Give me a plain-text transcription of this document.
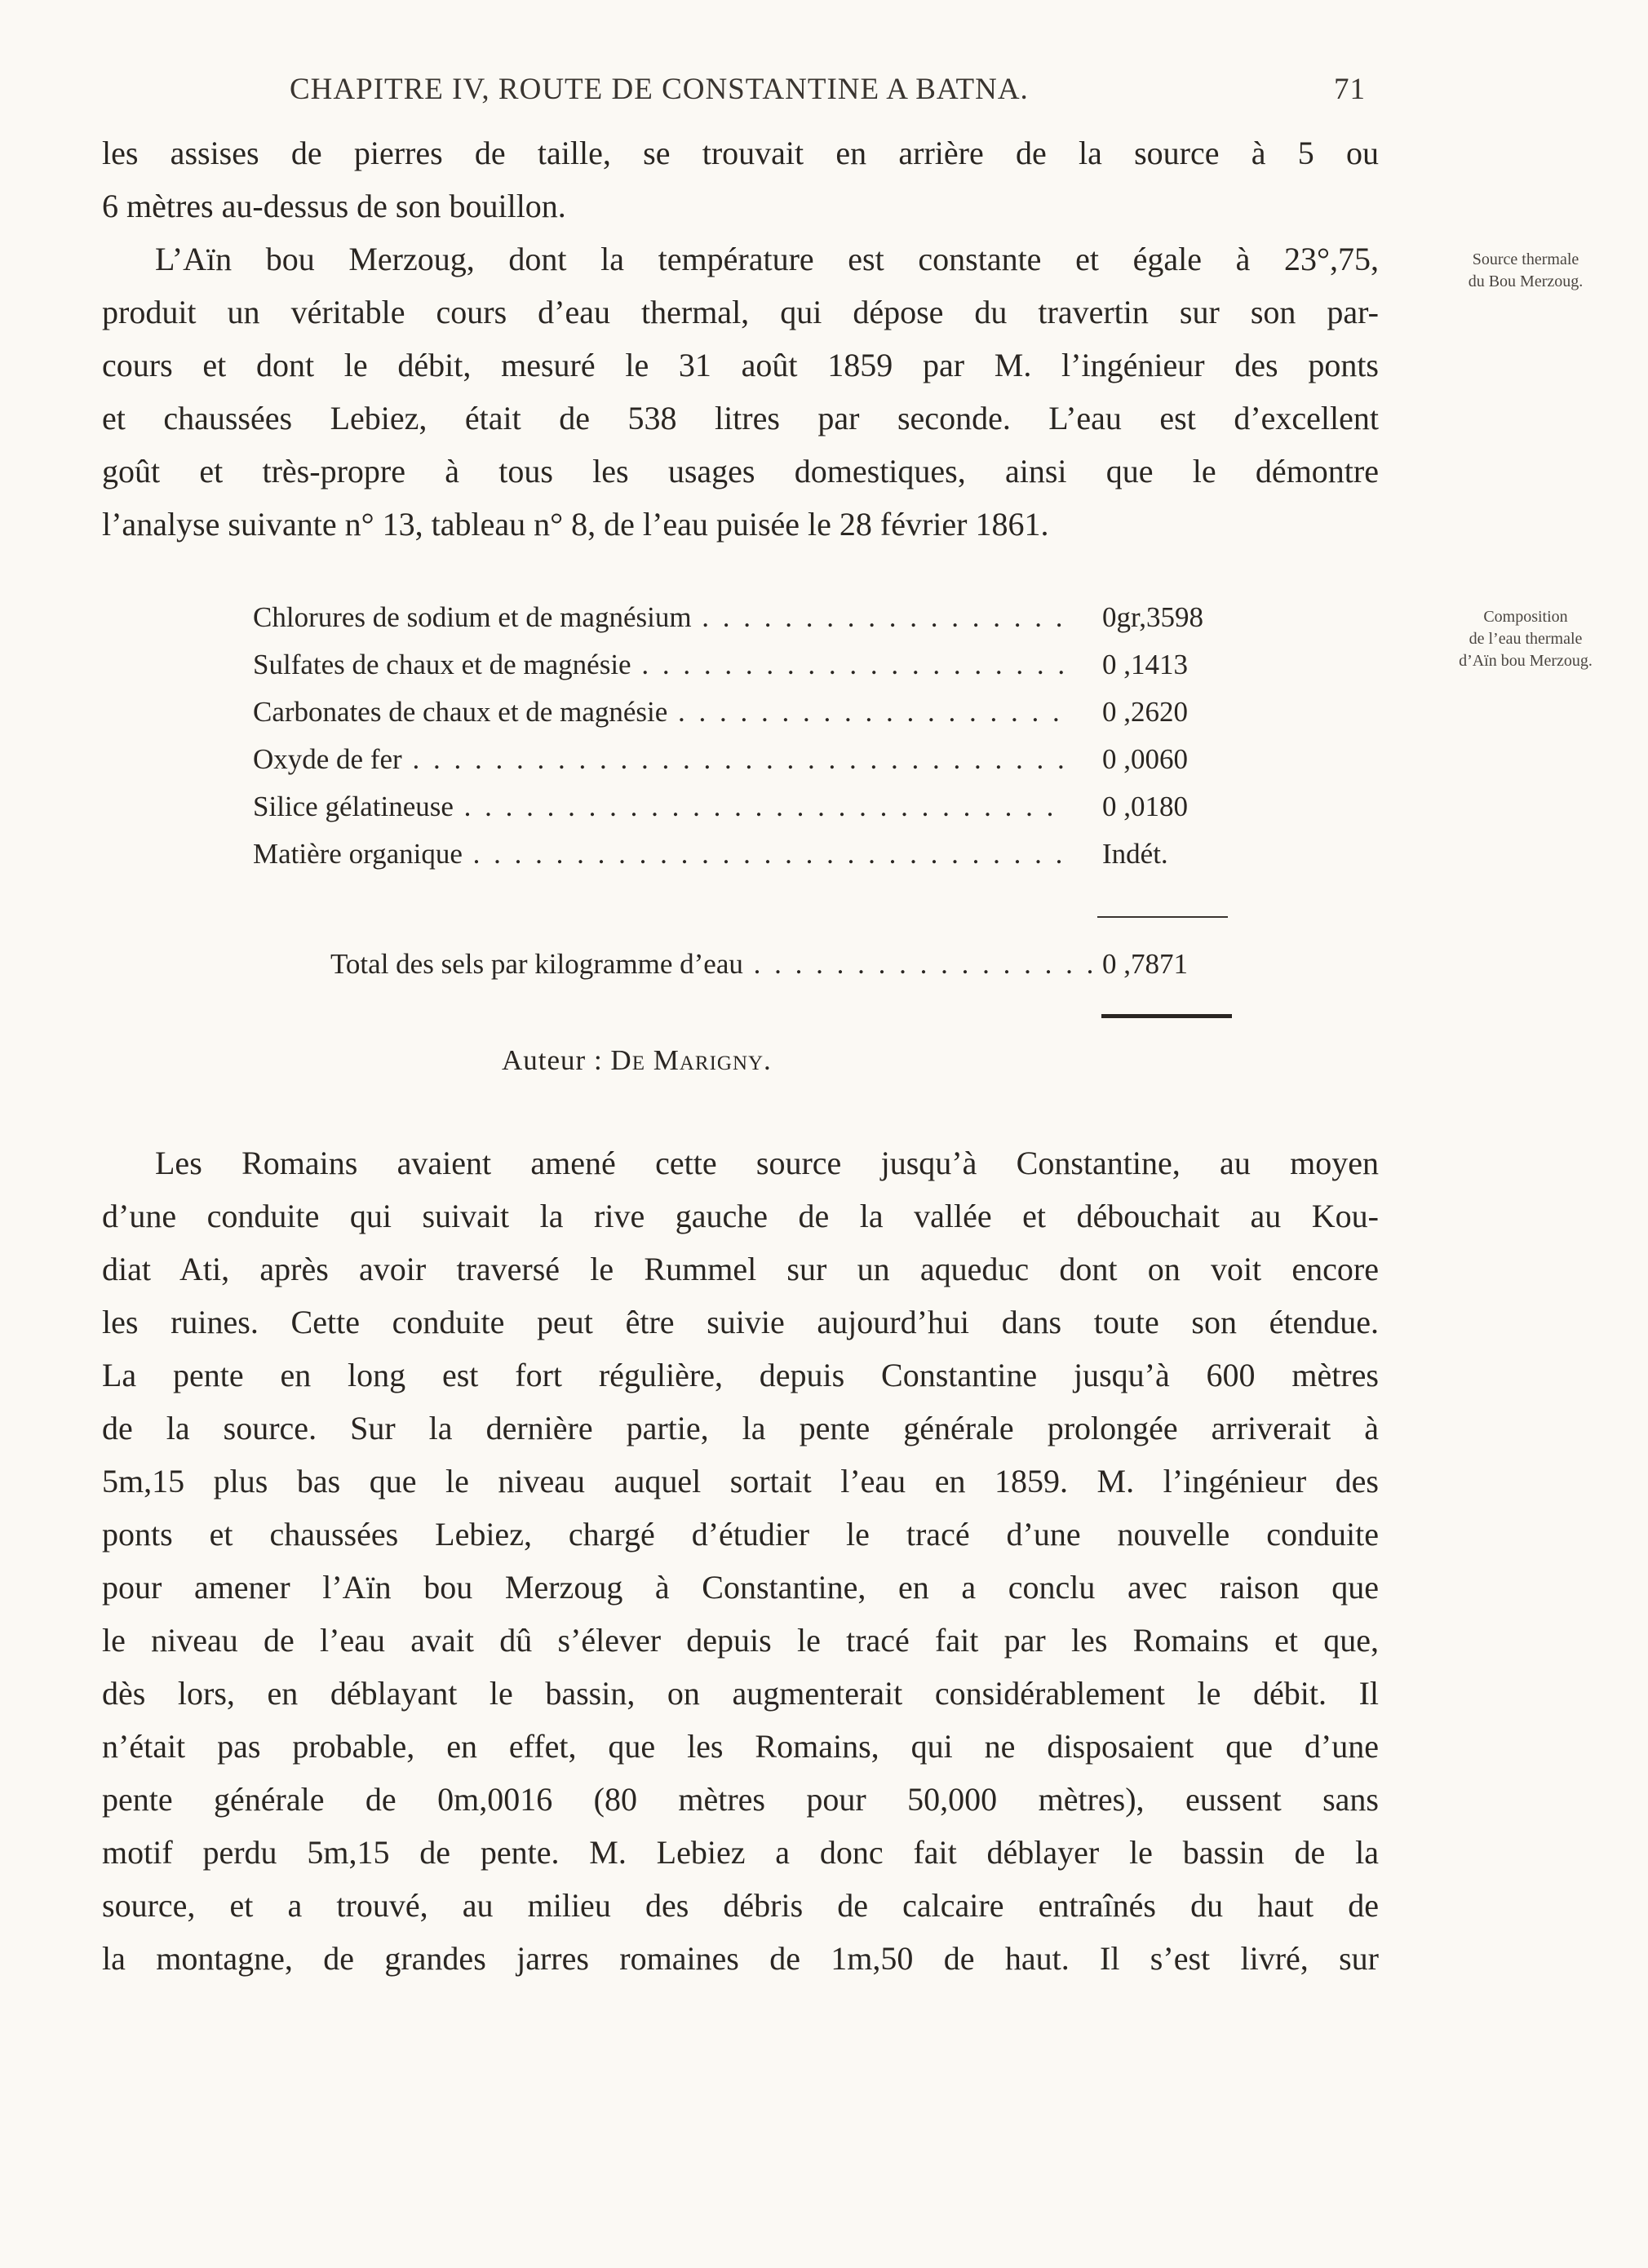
CHAPITRE IV, ROUTE DE CONSTANTINE A BATNA.	71
les assises de pierres de taille, se trouvait en arrière de la source à 5 ou
6 mètres au-dessus de son bouillon.
L’Aïn bou Merzoug, dont la température est constante et égale à 23°,75,
produit un véritable cours d’eau thermal, qui dépose du travertin sur son par-
cours et dont le débit, mesuré le 31 août 1859 par M. l’ingénieur des ponts
et chaussées Lebiez, était de 538 litres par seconde. L’eau est d’excellent
goût et très-propre à tous les usages domestiques, ainsi que le démontre
l’analyse suivante n° 13, tableau n° 8, de l’eau puisée le 28 février 1861.
Source thermale
du Bou Merzoug.
Composition
de l’eau thermale
d’Aïn bou Merzoug.
Chlorures de sodium et de magnésium . . .	0gr,3598
Sulfates de chaux et de magnésie . . .	0 ,1413
Carbonates de chaux et de magnésie . . .	0 ,2620
Oxyde de fer . . .	0 ,0060
Silice gélatineuse . . .	0 ,0180
Matière organique . . .	Indét.
Total des sels par kilogramme d’eau . . .	0 ,7871
Auteur : De Marigny.
Les Romains avaient amené cette source jusqu’à Constantine, au moyen
d’une conduite qui suivait la rive gauche de la vallée et débouchait au Kou-
diat Ati, après avoir traversé le Rummel sur un aqueduc dont on voit encore
les ruines. Cette conduite peut être suivie aujourd’hui dans toute son étendue.
La pente en long est fort régulière, depuis Constantine jusqu’à 600 mètres
de la source. Sur la dernière partie, la pente générale prolongée arriverait à
5m,15 plus bas que le niveau auquel sortait l’eau en 1859. M. l’ingénieur des
ponts et chaussées Lebiez, chargé d’étudier le tracé d’une nouvelle conduite
pour amener l’Aïn bou Merzoug à Constantine, en a conclu avec raison que
le niveau de l’eau avait dû s’élever depuis le tracé fait par les Romains et que,
dès lors, en déblayant le bassin, on augmenterait considérablement le débit. Il
n’était pas probable, en effet, que les Romains, qui ne disposaient que d’une
pente générale de 0m,0016 (80 mètres pour 50,000 mètres), eussent sans
motif perdu 5m,15 de pente. M. Lebiez a donc fait déblayer le bassin de la
source, et a trouvé, au milieu des débris de calcaire entraînés du haut de
la montagne, de grandes jarres romaines de 1m,50 de haut. Il s’est livré, sur
